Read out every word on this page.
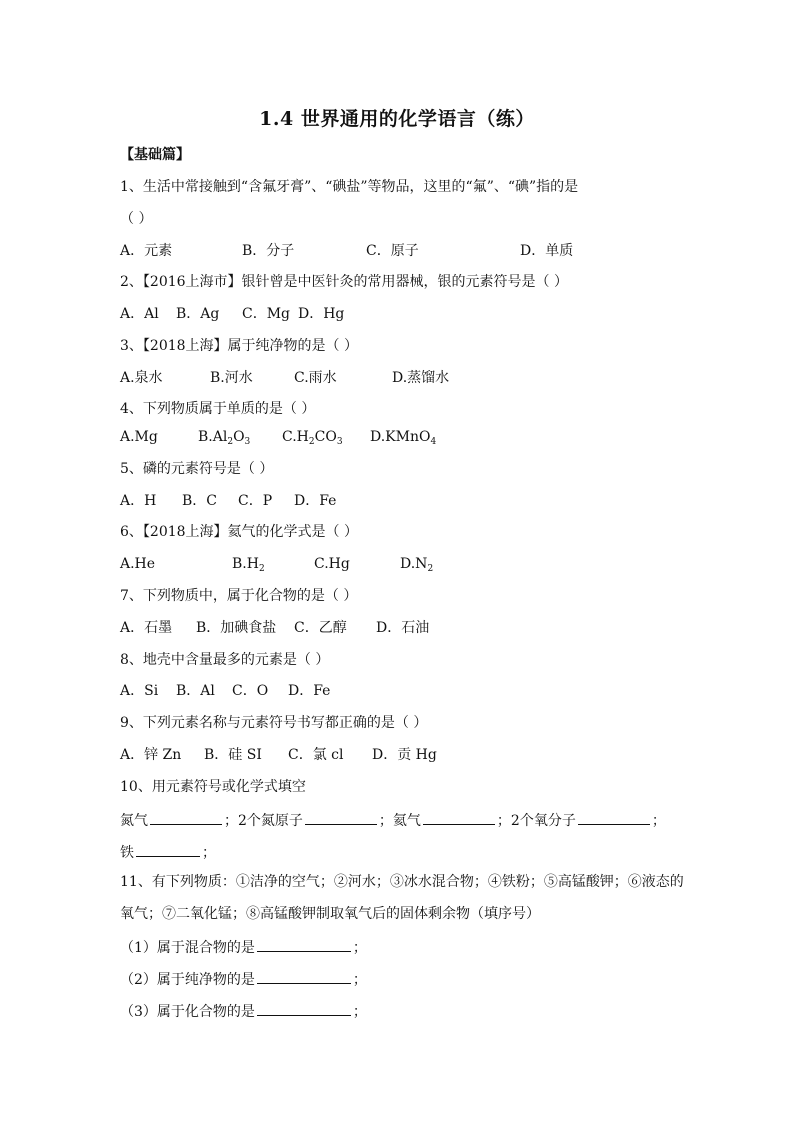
1.4 世界通用的化学语言（练）
【基础篇】
1、生活中常接触到“含氟牙膏”、“碘盐”等物品，这里的“氟”、“碘”指的是
（ ）
A．元素	B．分子	C．原子	D．单质
2、【2016上海市】银针曾是中医针灸的常用器械，银的元素符号是（ ）
A．Al B．Ag C．Mg D．Hg
3、【2018上海】属于纯净物的是（ ）
A.泉水	B.河水	C.雨水	D.蒸馏水
4、下列物质属于单质的是（ ）
A.Mg	$B.Al_2O_3$ $C.H_2CO_3$ D.KMnO$_4$
5、磷的元素符号是（ ）
A．H B．C C．P D．Fe
6、【2018上海】氦气的化学式是（ ）
A.He	$B.H_2$	C.Hg	$D.N_2$
7、下列物质中，属于化合物的是（ ）
A．石墨 B．加碘食盐 C．乙醇 D．石油
8、地壳中含量最多的元素是（ ）
A．Si B．Al C．O D．Fe
9、下列元素名称与元素符号书写都正确的是（ ）
A．锌 Zn B．硅 SI C．氯 cl D．贡 Hg
10、用元素符号或化学式填空
氮气	；2个氮原子	；氦气	；2个氧分子	；
铁	；
11、有下列物质：①洁净的空气；②河水；③冰水混合物；④铁粉；⑤高锰酸钾；⑥液态的
氧气；⑦二氧化锰；⑧高锰酸钾制取氧气后的固体剩余物（填序号）
（1）属于混合物的是	；
（2）属于纯净物的是	；
（3）属于化合物的是	；
